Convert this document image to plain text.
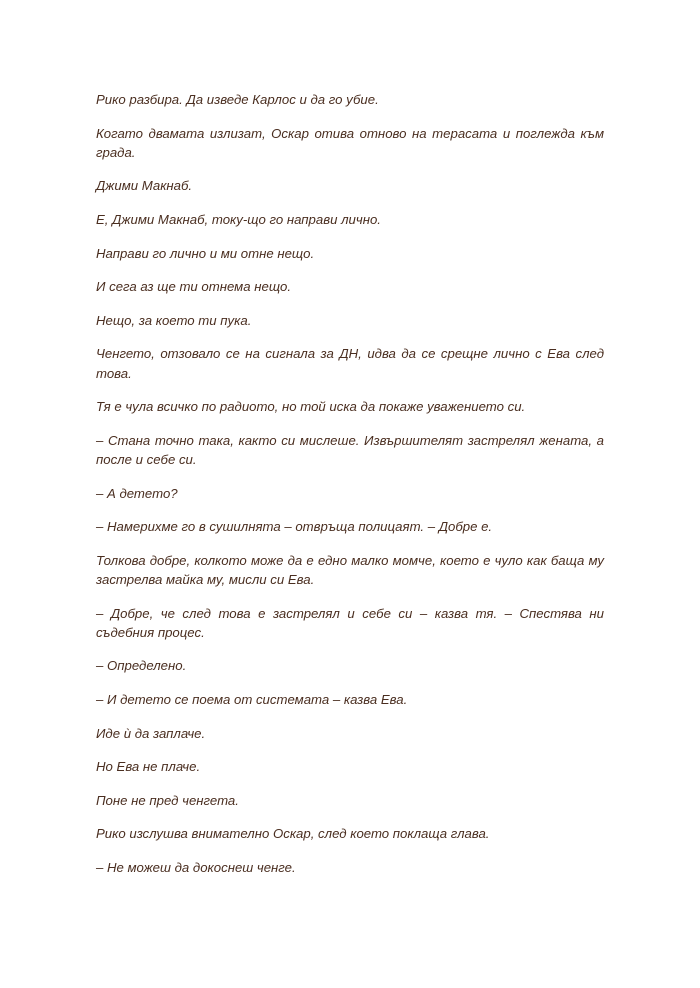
Рико разбира. Да изведе Карлос и да го убие.

Когато двамата излизат, Оскар отива отново на терасата и поглежда към града.

Джими Макнаб.

Е, Джими Макнаб, току-що го направи лично.

Направи го лично и ми отне нещо.

И сега аз ще ти отнема нещо.

Нещо, за което ти пука.

Ченгето, отзовало се на сигнала за ДН, идва да се срещне лично с Ева след това.

Тя е чула всичко по радиото, но той иска да покаже уважението си.

– Стана точно така, както си мислеше. Извършителят застрелял жената, а после и себе си.

– А детето?

– Намерихме го в сушилнята – отвръща полицаят. – Добре е.

Толкова добре, колкото може да е едно малко момче, което е чуло как баща му застрелва майка му, мисли си Ева.

– Добре, че след това е застрелял и себе си – казва тя. – Спестява ни съдебния процес.

– Определено.

– И детето се поема от системата – казва Ева.

Иде ѝ да заплаче.

Но Ева не плаче.

Поне не пред ченгета.

Рико изслушва внимателно Оскар, след което поклаща глава.

– Не можеш да докоснеш ченге.
